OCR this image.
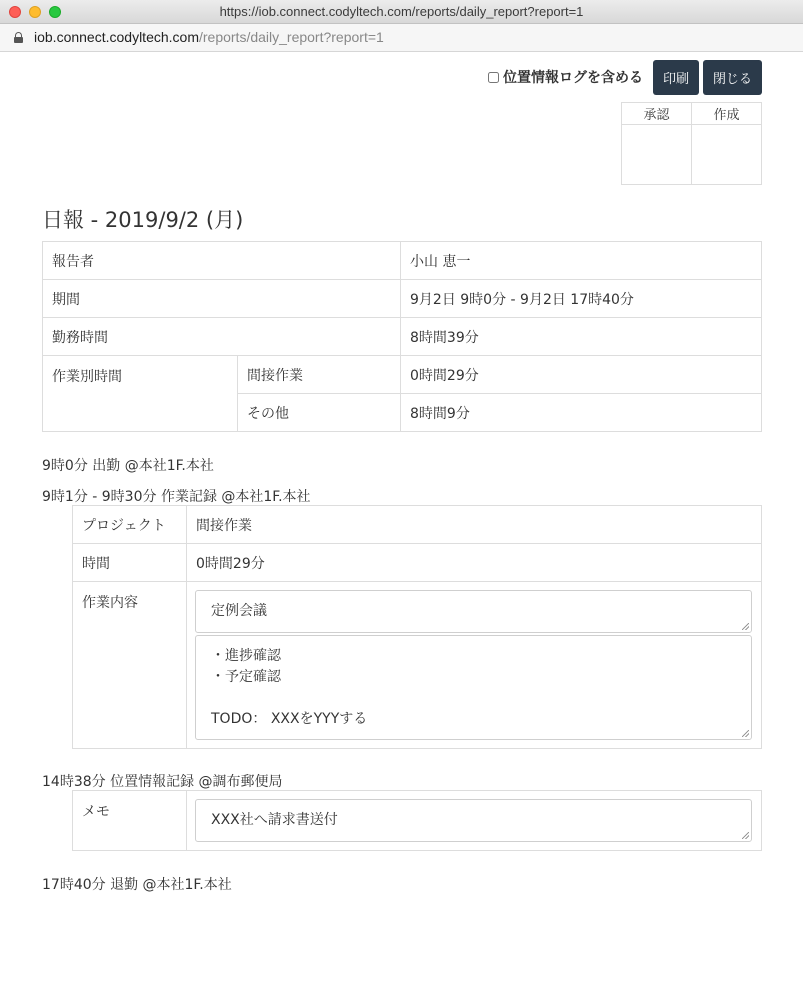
https://iob.connect.codyltech.com/reports/daily_report?report=1
iob.connect.codyltech.com/reports/daily_report?report=1
位置情報ログを含める	印刷	閉じる
承認	作成

日報 - 2019/9/2 (月)
報告者		小山 恵一
期間		9月2日 9時0分 - 9月2日 17時40分
勤務時間		8時間39分
作業別時間	間接作業	0時間29分
	その他	8時間9分
9時0分 出勤 @本社1F.本社
9時1分 - 9時30分 作業記録 @本社1F.本社
プロジェクト	間接作業
時間	0時間29分
作業内容	定例会議
・進捗確認
・予定確認

TODO： XXXをYYYする
14時38分 位置情報記録 @調布郵便局
メモ	XXX社へ請求書送付
17時40分 退勤 @本社1F.本社
